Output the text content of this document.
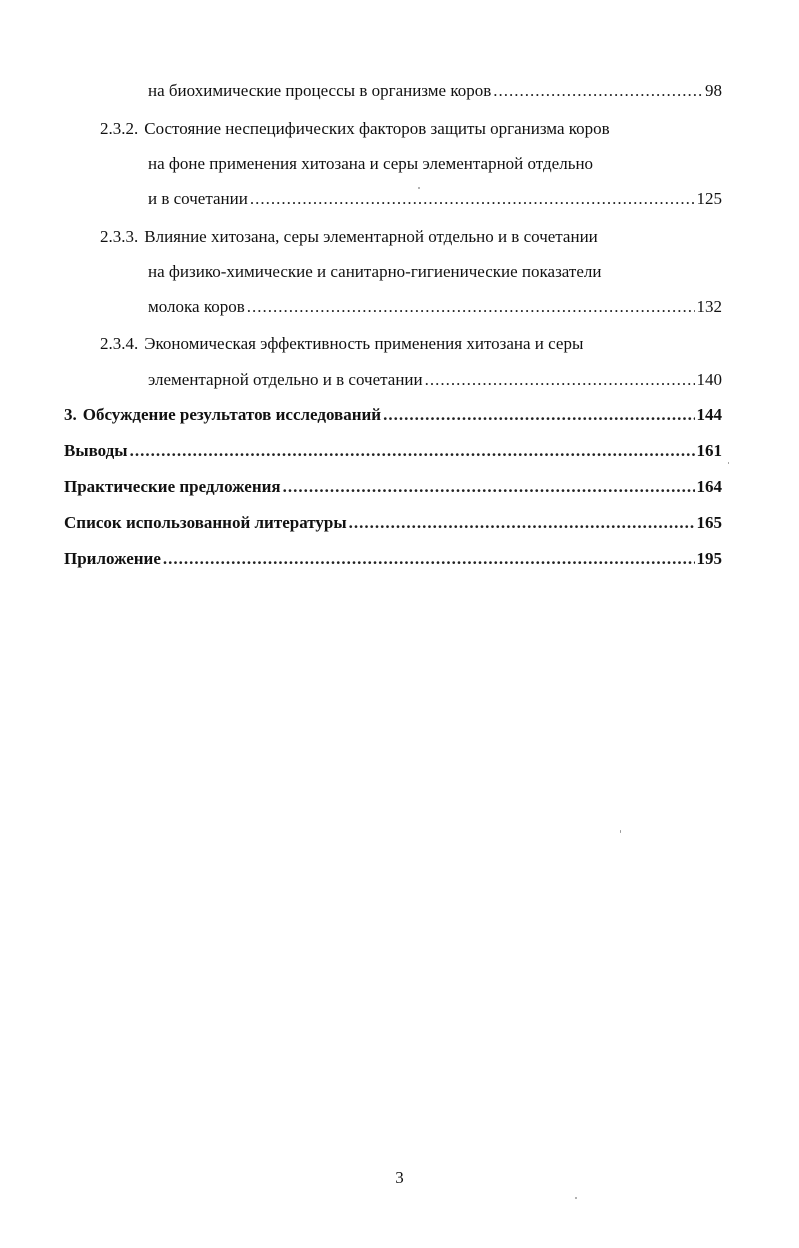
на биохимические процессы в организме коров .....	98
2.3.2. Состояние неспецифических факторов защиты организма коров
на фоне применения хитозана и серы элементарной отдельно
и в сочетании .....	125
2.3.3. Влияние хитозана, серы элементарной отдельно и в сочетании
на физико-химические и санитарно-гигиенические показатели
молока коров .....	132
2.3.4. Экономическая эффективность применения хитозана и серы
элементарной отдельно и в сочетании .....	140
3. Обсуждение результатов исследований .....	144
Выводы .....	161
Практические предложения .....	164
Список использованной литературы .....	165
Приложение .....	195
3
